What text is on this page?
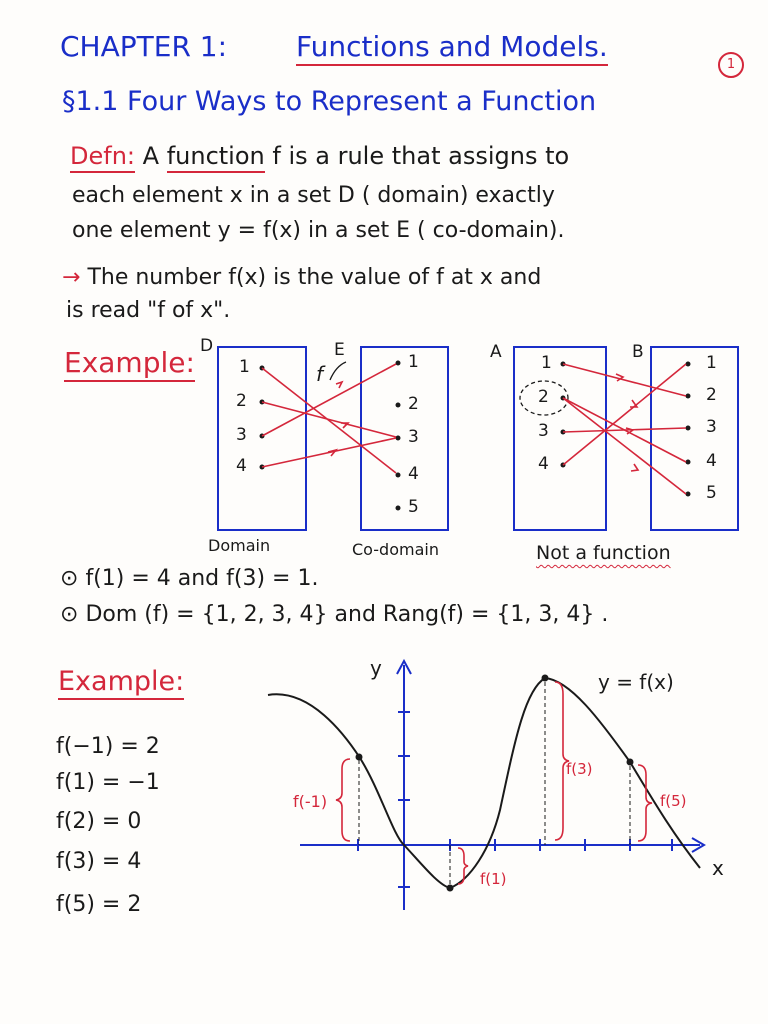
CHAPTER 1: Functions and Models.
1
§1.1 Four Ways to Represent a Function
Defn: A function f is a rule that assigns to
each element x in a set D ( domain) exactly
one element y = f(x) in a set E ( co-domain).
→ The number f(x) is the value of f at x and
is read "f of x".
Example: D	E
f
1
2
3
4
1
2
3
4
5
Domain	Co-domain
A	B
1
2
3
4
1
2
3
4
5
Not a function
⊙ f(1) = 4 and f(3) = 1.
⊙ Dom (f) = {1, 2, 3, 4} and Rang(f) = {1, 3, 4} .
Example:
f(−1) = 2
f(1) = −1
f(2) = 0
f(3) = 4
f(5) = 2
y
x
y = f(x)
f(-1)
f(1)
f(3)
f(5)
